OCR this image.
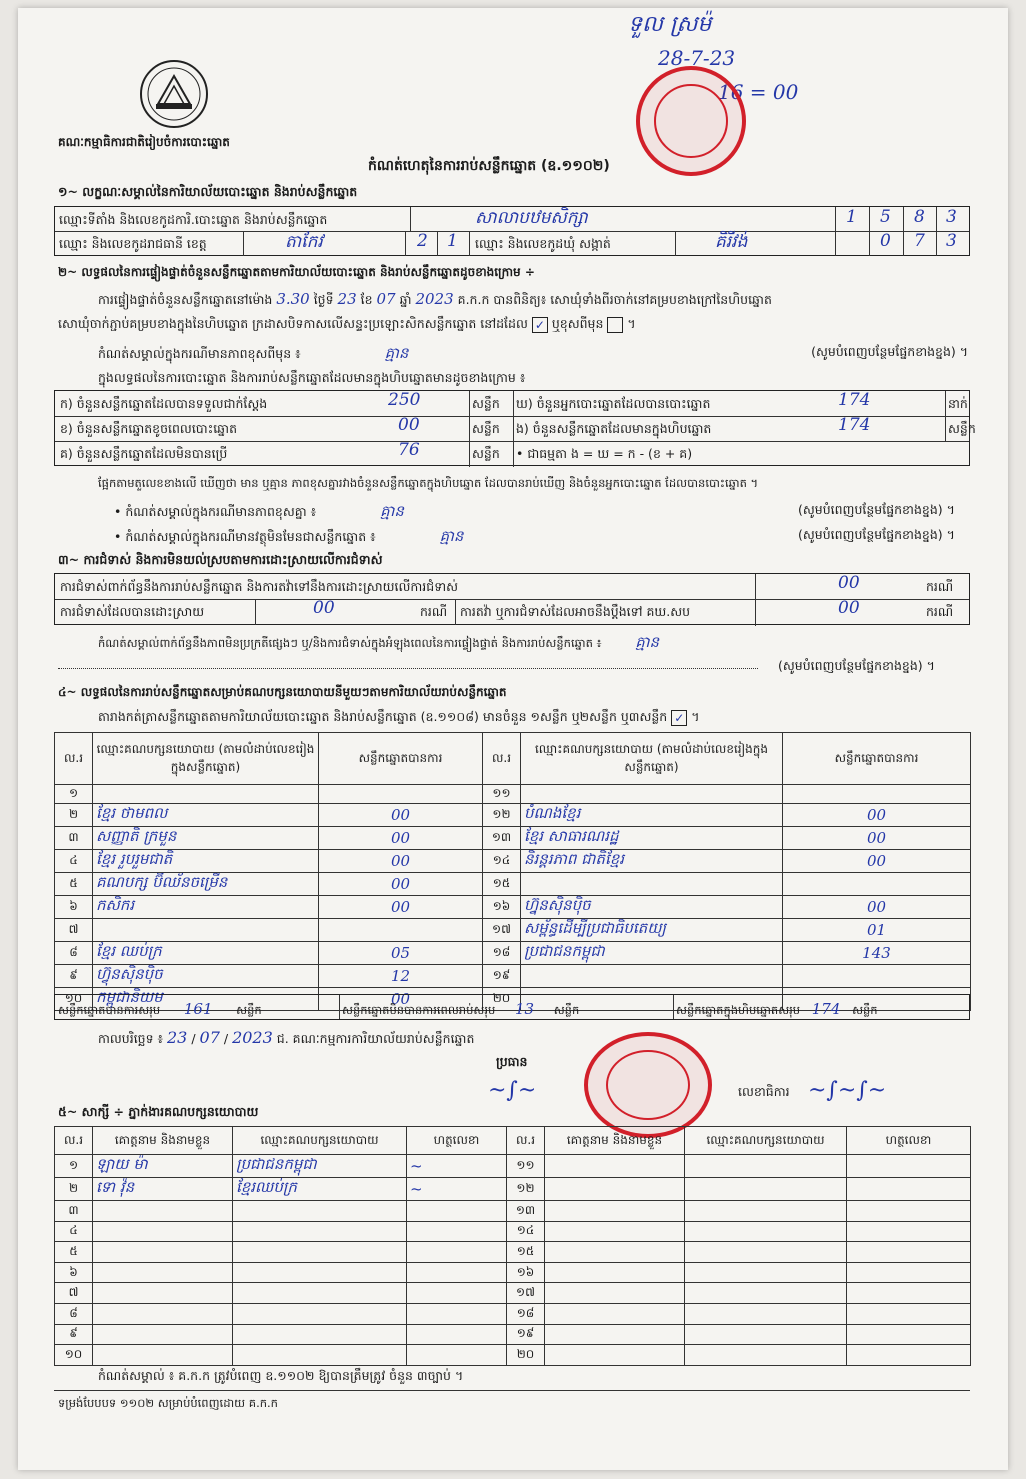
គណៈកម្មាធិការជាតិរៀបចំការបោះឆ្នោត
កំណត់ហេតុនៃការរាប់សន្លឹកឆ្នោត (ឧ.១១០២)
ទួល ស្រម៉
28-7-23
16 = 00
១~ លក្ខណៈសម្គាល់នៃការិយាល័យបោះឆ្នោត និងរាប់សន្លឹកឆ្នោត
ឈ្មោះទីតាំង និងលេខកូដការិ.បោះឆ្នោត និងរាប់សន្លឹកឆ្នោត	សាលាបឋមសិក្សា	1 5 8 3
ឈ្មោះ និងលេខកូដរាជធានី ខេត្ត	តាកែវ	2 1 ឈ្មោះ និងលេខកូដឃុំ សង្កាត់	គិរីវង់	0 7 3
២~ លទ្ធផលនៃការផ្ទៀងផ្ទាត់ចំនួនសន្លឹកឆ្នោតតាមការិយាល័យបោះឆ្នោត និងរាប់សន្លឹកឆ្នោតដូចខាងក្រោម ÷
ការផ្ទៀងផ្ទាត់ចំនួនសន្លឹកឆ្នោតនៅម៉ោង 3.30 ថ្ងៃទី 23 ខែ 07 ឆ្នាំ 2023 គ.ក.ក បានពិនិត្យ៖ សោឃុំទាំងពីរចាក់នៅគម្របខាងក្រៅនៃហិបឆ្នោត
សោឃុំចាក់ភ្ជាប់គម្របខាងក្នុងនៃហិបឆ្នោត ក្រដាសបិទកាសលើសន្ទះប្រឡោះសិកសន្លឹកឆ្នោត នៅដដែល ✓ ឬខុសពីមុន  ។
កំណត់សម្គាល់ក្នុងករណីមានភាពខុសពីមុន ៖	គ្មាន	(សូមបំពេញបន្ថែមផ្នែកខាងខ្នង) ។
ក្នុងលទ្ធផលនៃការបោះឆ្នោត និងការរាប់សន្លឹកឆ្នោតដែលមានក្នុងហិបឆ្នោតមានដូចខាងក្រោម ៖
ក) ចំនួនសន្លឹកឆ្នោតដែលបានទទួលជាក់ស្តែង	250	សន្លឹក ឃ) ចំនួនអ្នកបោះឆ្នោតដែលបានបោះឆ្នោត	174	នាក់
ខ) ចំនួនសន្លឹកឆ្នោតខូចពេលបោះឆ្នោត	00	សន្លឹក ង) ចំនួនសន្លឹកឆ្នោតដែលមានក្នុងហិបឆ្នោត	174	សន្លឹក
គ) ចំនួនសន្លឹកឆ្នោតដែលមិនបានប្រើ	76	សន្លឹក • ជាធម្មតា ង = ឃ = ក - (ខ + គ)
ផ្អែកតាមតួលេខខាងលើ ឃើញថា មាន ឬគ្មាន ភាពខុសគ្នារវាងចំនួនសន្លឹកឆ្នោតក្នុងហិបឆ្នោត ដែលបានរាប់ឃើញ និងចំនួនអ្នកបោះឆ្នោត ដែលបានបោះឆ្នោត ។
• កំណត់សម្គាល់ក្នុងករណីមានភាពខុសគ្នា ៖	គ្មាន	(សូមបំពេញបន្ថែមផ្នែកខាងខ្នង) ។
• កំណត់សម្គាល់ក្នុងករណីមានវត្ថុមិនមែនជាសន្លឹកឆ្នោត ៖	គ្មាន	(សូមបំពេញបន្ថែមផ្នែកខាងខ្នង) ។
៣~ ការជំទាស់ និងការមិនយល់ស្របតាមការដោះស្រាយលើការជំទាស់
ការជំទាស់ពាក់ព័ន្ធនឹងការរាប់សន្លឹកឆ្នោត និងការតវ៉ាទៅនឹងការដោះស្រាយលើការជំទាស់	00	ករណី
ការជំទាស់ដែលបានដោះស្រាយ	00	ករណី ការតវ៉ា ឬការជំទាស់ដែលអាចនឹងប្តឹងទៅ គឃ.សប	00	ករណី
កំណត់សម្គាល់ពាក់ព័ន្ធនឹងភាពមិនប្រក្រតីផ្សេងៗ ឬ/និងការជំទាស់ក្នុងអំឡុងពេលនៃការផ្ទៀងផ្ទាត់ និងការរាប់សន្លឹកឆ្នោត ៖ គ្មាន
(សូមបំពេញបន្ថែមផ្នែកខាងខ្នង) ។
៤~ លទ្ធផលនៃការរាប់សន្លឹកឆ្នោតសម្រាប់គណបក្សនយោបាយនីមួយៗតាមការិយាល័យរាប់សន្លឹកឆ្នោត
តារាងកត់ត្រាសន្លឹកឆ្នោតតាមការិយាល័យបោះឆ្នោត និងរាប់សន្លឹកឆ្នោត (ឧ.១១០៨) មានចំនួន ១សន្លឹក ឬ២សន្លឹក ឬ៣សន្លឹក ✓ ។
ល.រ	ឈ្មោះគណបក្សនយោបាយ (តាមលំដាប់លេខរៀងក្នុងសន្លឹកឆ្នោត)	សន្លឹកឆ្នោតបានការ	ល.រ	ឈ្មោះគណបក្សនយោបាយ (តាមលំដាប់លេខរៀងក្នុងសន្លឹកឆ្នោត)	សន្លឹកឆ្នោតបានការ
១			១១		
២	ខ្មែរ ថាមពល	00	១២	បំណងខ្មែរ	00
៣	សញ្ញាតិ ក្រមួន	00	១៣	ខ្មែរ សាធារណរដ្ឋ	00
៤	ខ្មែរ រួបរួមជាតិ	00	១៤	និរន្តរភាព ជាតិខ្មែរ	00
៥	គណបក្ស ប៊ីឈ័នចម្រើន	00	១៥		
៦	កសិករ	00	១៦	ហ្វ៊ុនស៊ិនប៉ិច	00
៧			១៧	សម្ព័ន្ធដើម្បីប្រជាធិបតេយ្យ	01
៨	ខ្មែរ ឈប់ក្រ	05	១៨	ប្រជាជនកម្ពុជា	143
៩	ហ៊្វុនស៊ិនប៉ិច	12	១៩		
១០	កម្ពុជានិយម	00	២០		
សន្លឹកឆ្នោតបានការសរុប 161 សន្លឹក	សន្លឹកឆ្នោតមិនបានការពេលរាប់សរុប 13 សន្លឹក	សន្លឹកឆ្នោតក្នុងហិបឆ្នោតសរុប 174 សន្លឹក
កាលបរិច្ឆេទ ៖ 23 / 07 / 2023 ជ. គណៈកម្មការការិយាល័យរាប់សន្លឹកឆ្នោត
ប្រធាន
លេខាធិការ
~∫~	~∫~∫~
៥~ សាក្សី ÷ ភ្នាក់ងារគណបក្សនយោបាយ
ល.រ	គោត្តនាម និងនាមខ្លួន	ឈ្មោះគណបក្សនយោបាយ	ហត្ថលេខា	ល.រ	គោត្តនាម និងនាមខ្លួន	ឈ្មោះគណបក្សនយោបាយ	ហត្ថលេខា
១	ឡាយ ម៉ា	ប្រជាជនកម្ពុជា	~	១១			
២	ទោ វ៉ុន	ខ្មែរឈប់ក្រ	~	១២			
៣				១៣			
៤				១៤			
៥				១៥			
៦				១៦			
៧				១៧			
៨				១៨			
៩				១៩			
១០				២០			
កំណត់សម្គាល់ ៖ គ.ក.ក ត្រូវបំពេញ ឧ.១១០២ ឱ្យបានត្រឹមត្រូវ ចំនួន ៣ច្បាប់ ។
ទម្រង់បែបបទ ១១០២ សម្រាប់បំពេញដោយ គ.ក.ក
